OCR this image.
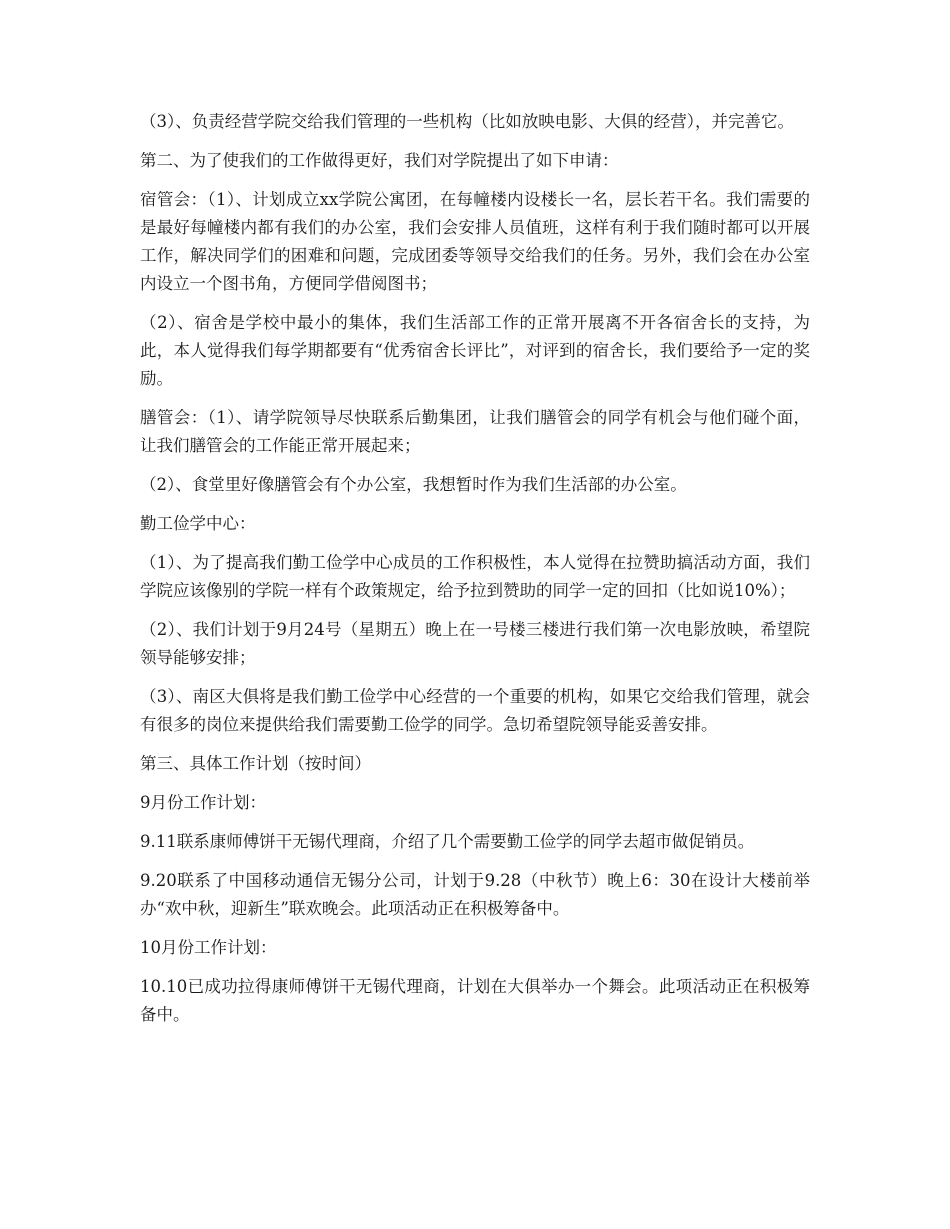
（3）、负责经营学院交给我们管理的一些机构（比如放映电影、大俱的经营），并完善它。

第二、为了使我们的工作做得更好，我们对学院提出了如下申请：

宿管会：（1）、计划成立xx学院公寓团，在每幢楼内设楼长一名，层长若干名。我们需要的是最好每幢楼内都有我们的办公室，我们会安排人员值班，这样有利于我们随时都可以开展工作，解决同学们的困难和问题，完成团委等领导交给我们的任务。另外，我们会在办公室内设立一个图书角，方便同学借阅图书；

（2）、宿舍是学校中最小的集体，我们生活部工作的正常开展离不开各宿舍长的支持，为此，本人觉得我们每学期都要有“优秀宿舍长评比”，对评到的宿舍长，我们要给予一定的奖励。

膳管会：（1）、请学院领导尽快联系后勤集团，让我们膳管会的同学有机会与他们碰个面，让我们膳管会的工作能正常开展起来；

（2）、食堂里好像膳管会有个办公室，我想暂时作为我们生活部的办公室。

勤工俭学中心：

（1）、为了提高我们勤工俭学中心成员的工作积极性，本人觉得在拉赞助搞活动方面，我们学院应该像别的学院一样有个政策规定，给予拉到赞助的同学一定的回扣（比如说10%）；

（2）、我们计划于9月24号（星期五）晚上在一号楼三楼进行我们第一次电影放映，希望院领导能够安排；

（3）、南区大俱将是我们勤工俭学中心经营的一个重要的机构，如果它交给我们管理，就会有很多的岗位来提供给我们需要勤工俭学的同学。急切希望院领导能妥善安排。

第三、具体工作计划（按时间）

9月份工作计划：

9.11联系康师傅饼干无锡代理商，介绍了几个需要勤工俭学的同学去超市做促销员。

9.20联系了中国移动通信无锡分公司，计划于9.28（中秋节）晚上6：30在设计大楼前举办“欢中秋，迎新生”联欢晚会。此项活动正在积极筹备中。

10月份工作计划：

10.10已成功拉得康师傅饼干无锡代理商，计划在大俱举办一个舞会。此项活动正在积极筹备中。
